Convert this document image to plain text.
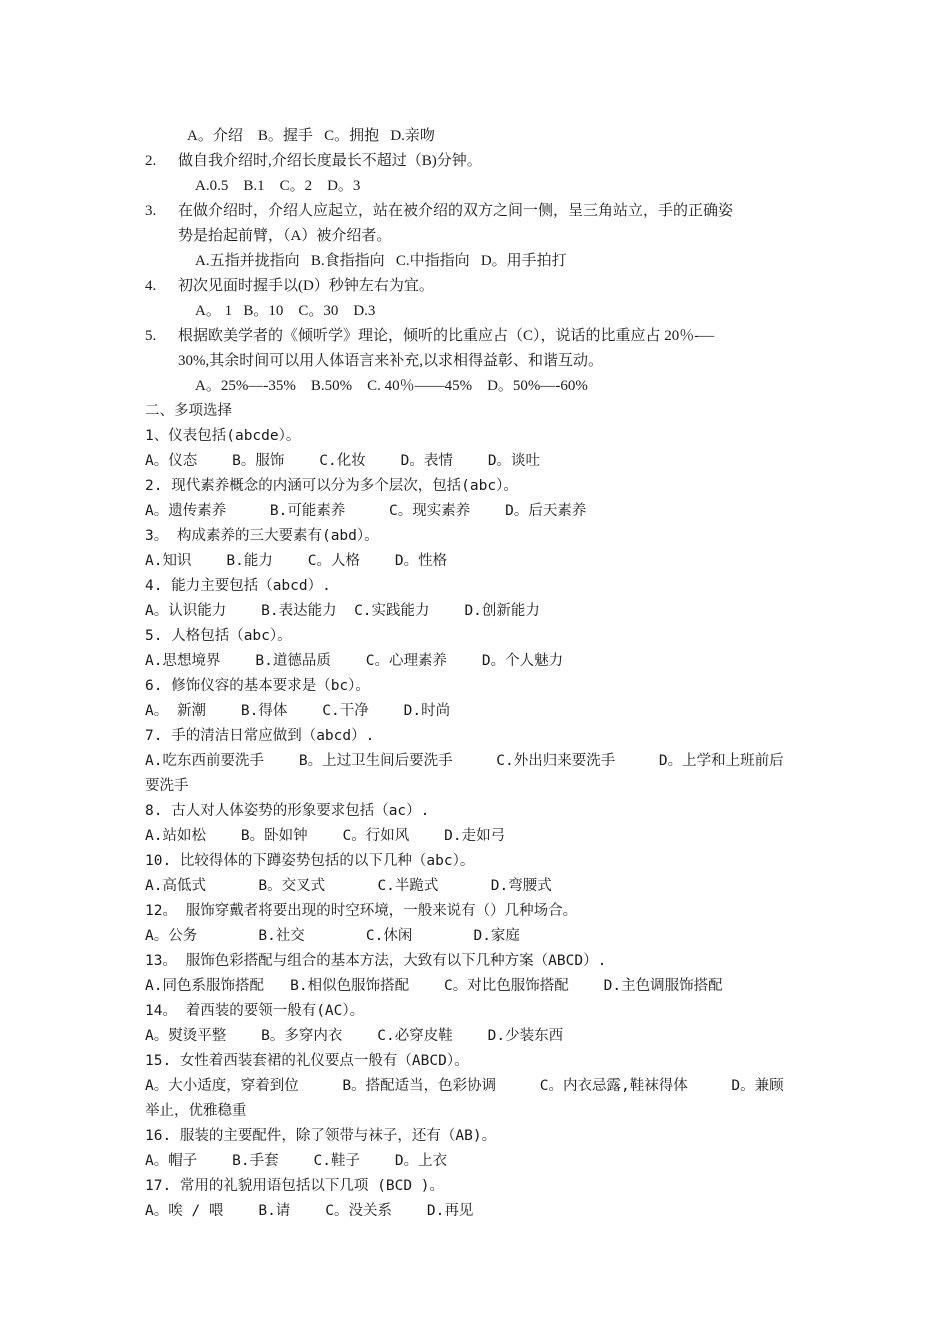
A。介绍    B。握手   C。拥抱   D.亲吻
2. 做自我介绍时,介绍长度最长不超过（B)分钟。
A.0.5    B.1    C。2    D。3
3. 在做介绍时，介绍人应起立，站在被介绍的双方之间一侧，呈三角站立，手的正确姿
势是抬起前臂，（A）被介绍者。
A.五指并拢指向   B.食指指向   C.中指指向   D。用手拍打
4. 初次见面时握手以(D）秒钟左右为宜。
A。 1   B。10    C。30    D.3
5. 根据欧美学者的《倾听学》理论，倾听的比重应占（C），说话的比重应占 20％-—
30%,其余时间可以用人体语言来补充,以求相得益彰、和谐互动。
A。25%—-35%    B.50%    C. 40％——45%    D。50%—-60%
二、多项选择
1、仪表包括(abcde）。
A。仪态    B。服饰    C.化妆    D。表情    D。谈吐
2. 现代素养概念的内涵可以分为多个层次，包括(abc）。
A。遗传素养     B.可能素养     C。现实素养    D。后天素养
3。 构成素养的三大要素有(abd）。
A.知识    B.能力    C。人格    D。性格
4. 能力主要包括（abcd）.
A。认识能力    B.表达能力  C.实践能力    D.创新能力
5. 人格包括（abc）。
A.思想境界    B.道德品质    C。心理素养    D。个人魅力
6. 修饰仪容的基本要求是（bc）。
A。 新潮    B.得体    C.干净    D.时尚
7. 手的清洁日常应做到（abcd）.
A.吃东西前要洗手    B。上过卫生间后要洗手     C.外出归来要洗手     D。上学和上班前后
要洗手
8. 古人对人体姿势的形象要求包括（ac）.
A.站如松    B。卧如钟    C。行如风    D.走如弓
10. 比较得体的下蹲姿势包括的以下几种（abc）。
A.高低式      B。交叉式      C.半跪式      D.弯腰式
12。 服饰穿戴者将要出现的时空环境，一般来说有（）几种场合。
A。公务       B.社交       C.休闲       D.家庭
13。 服饰色彩搭配与组合的基本方法，大致有以下几种方案（ABCD）.
A.同色系服饰搭配   B.相似色服饰搭配    C。对比色服饰搭配    D.主色调服饰搭配
14。 着西装的要领一般有(AC）。
A。熨烫平整    B。多穿内衣    C.必穿皮鞋    D.少装东西
15. 女性着西装套裙的礼仪要点一般有（ABCD）。
A。大小适度，穿着到位     B。搭配适当，色彩协调     C。内衣忌露,鞋袜得体     D。兼顾
举止，优雅稳重
16. 服装的主要配件，除了领带与袜子，还有（AB)。
A。帽子    B.手套    C.鞋子    D。上衣
17. 常用的礼貌用语包括以下几项 (BCD )。
A。唉 / 喂    B.请    C。没关系    D.再见
